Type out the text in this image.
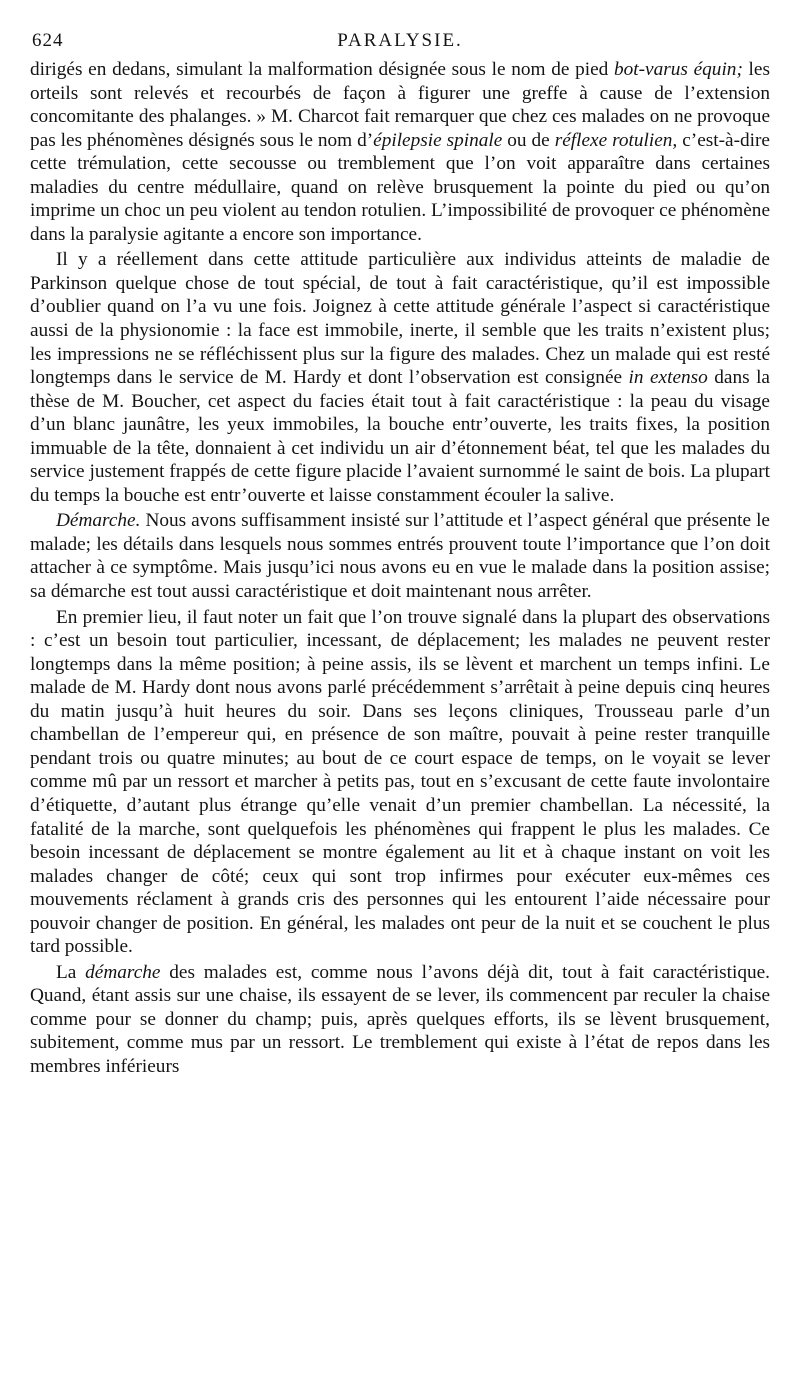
624	PARALYSIE.

dirigés en dedans, simulant la malformation désignée sous le nom de pied bot-varus équin; les orteils sont relevés et recourbés de façon à figurer une greffe à cause de l’extension concomitante des phalanges. » M. Charcot fait remarquer que chez ces malades on ne provoque pas les phénomènes désignés sous le nom d’épilepsie spinale ou de réflexe rotulien, c’est-à-dire cette trémulation, cette secousse ou tremblement que l’on voit apparaître dans certaines maladies du centre médullaire, quand on relève brusquement la pointe du pied ou qu’on imprime un choc un peu violent au tendon rotulien. L’impossibilité de provoquer ce phénomène dans la paralysie agitante a encore son importance.

Il y a réellement dans cette attitude particulière aux individus atteints de maladie de Parkinson quelque chose de tout spécial, de tout à fait caractéristique, qu’il est impossible d’oublier quand on l’a vu une fois. Joignez à cette attitude générale l’aspect si caractéristique aussi de la physionomie : la face est immobile, inerte, il semble que les traits n’existent plus; les impressions ne se réfléchissent plus sur la figure des malades. Chez un malade qui est resté longtemps dans le service de M. Hardy et dont l’observation est consignée in extenso dans la thèse de M. Boucher, cet aspect du facies était tout à fait caractéristique : la peau du visage d’un blanc jaunâtre, les yeux immobiles, la bouche entr’ouverte, les traits fixes, la position immuable de la tête, donnaient à cet individu un air d’étonnement béat, tel que les malades du service justement frappés de cette figure placide l’avaient surnommé le saint de bois. La plupart du temps la bouche est entr’ouverte et laisse constamment écouler la salive.

Démarche. Nous avons suffisamment insisté sur l’attitude et l’aspect général que présente le malade; les détails dans lesquels nous sommes entrés prouvent toute l’importance que l’on doit attacher à ce symptôme. Mais jusqu’ici nous avons eu en vue le malade dans la position assise; sa démarche est tout aussi caractéristique et doit maintenant nous arrêter.

En premier lieu, il faut noter un fait que l’on trouve signalé dans la plupart des observations : c’est un besoin tout particulier, incessant, de déplacement; les malades ne peuvent rester longtemps dans la même position; à peine assis, ils se lèvent et marchent un temps infini. Le malade de M. Hardy dont nous avons parlé précédemment s’arrêtait à peine depuis cinq heures du matin jusqu’à huit heures du soir. Dans ses leçons cliniques, Trousseau parle d’un chambellan de l’empereur qui, en présence de son maître, pouvait à peine rester tranquille pendant trois ou quatre minutes; au bout de ce court espace de temps, on le voyait se lever comme mû par un ressort et marcher à petits pas, tout en s’excusant de cette faute involontaire d’étiquette, d’autant plus étrange qu’elle venait d’un premier chambellan. La nécessité, la fatalité de la marche, sont quelquefois les phénomènes qui frappent le plus les malades. Ce besoin incessant de déplacement se montre également au lit et à chaque instant on voit les malades changer de côté; ceux qui sont trop infirmes pour exécuter eux-mêmes ces mouvements réclament à grands cris des personnes qui les entourent l’aide nécessaire pour pouvoir changer de position. En général, les malades ont peur de la nuit et se couchent le plus tard possible.

La démarche des malades est, comme nous l’avons déjà dit, tout à fait caractéristique. Quand, étant assis sur une chaise, ils essayent de se lever, ils commencent par reculer la chaise comme pour se donner du champ; puis, après quelques efforts, ils se lèvent brusquement, subitement, comme mus par un ressort. Le tremblement qui existe à l’état de repos dans les membres inférieurs
